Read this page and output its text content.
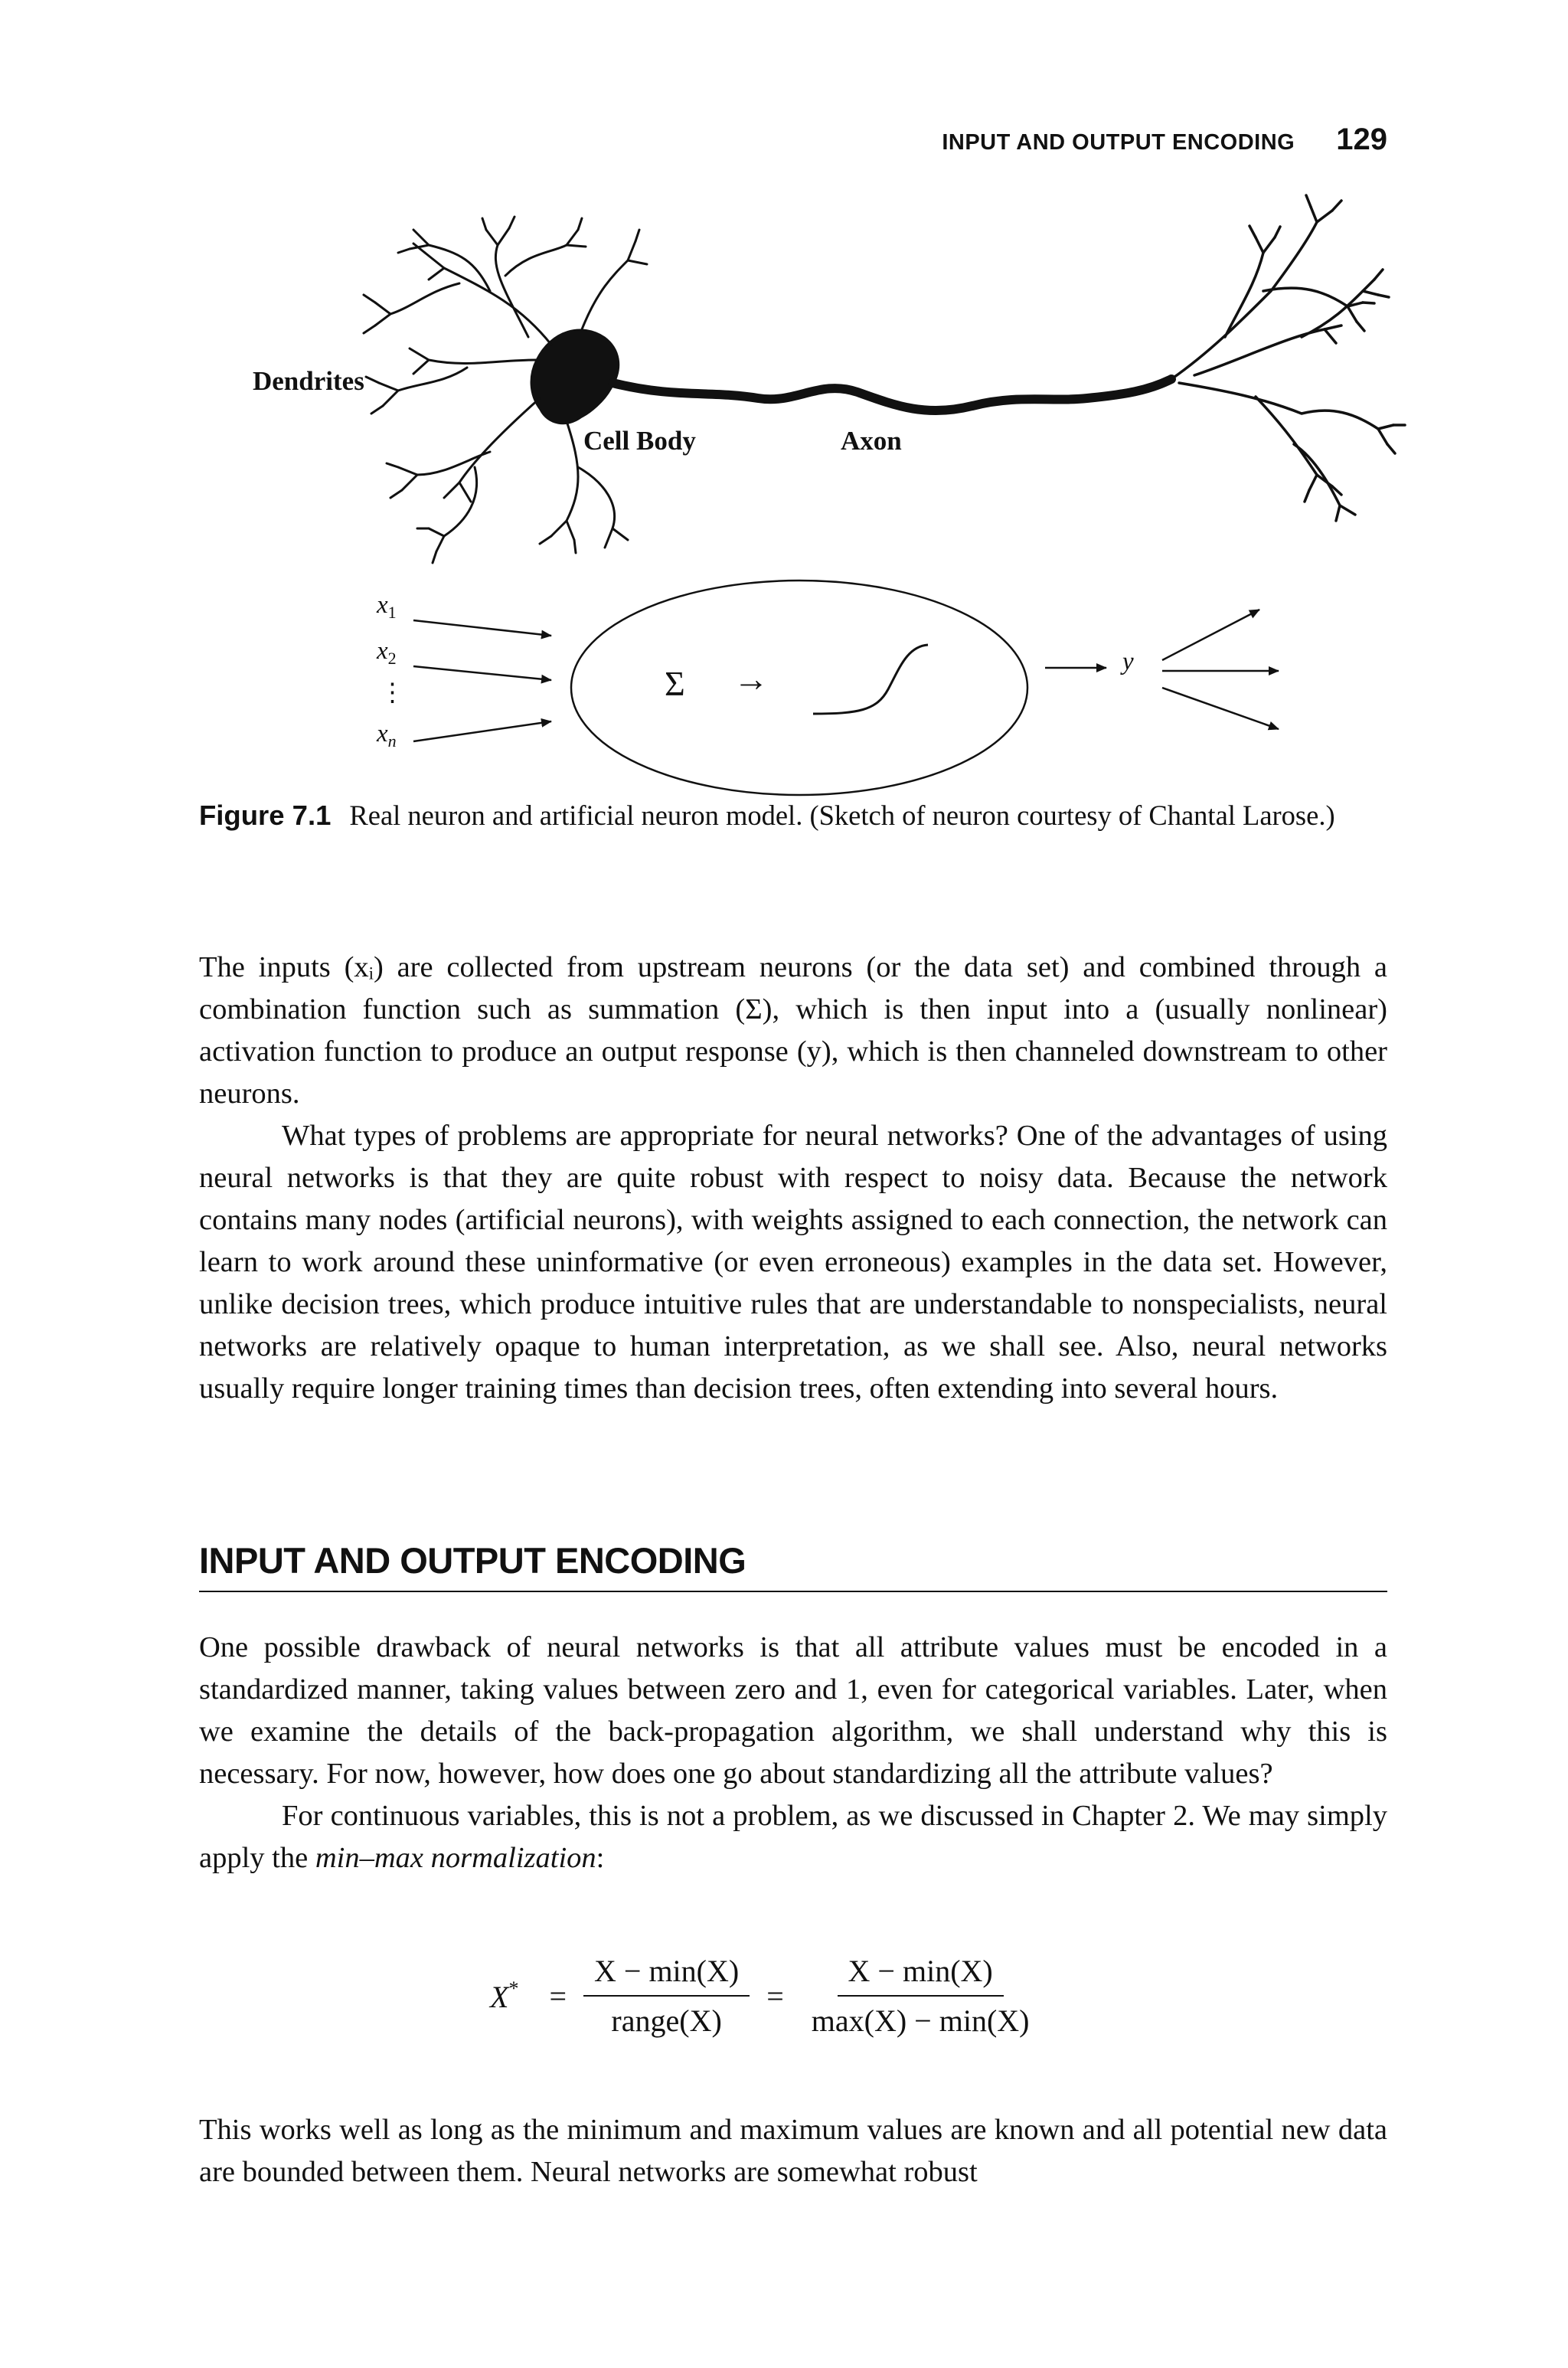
INPUT AND OUTPUT ENCODING 129
Dendrites
Cell Body	Axon
$x_1$
$x_2$
⋮
$x_n$
Σ →	y
Figure 7.1 Real neuron and artificial neuron model. (Sketch of neuron courtesy of Chantal Larose.)

The inputs (xᵢ) are collected from upstream neurons (or the data set) and combined through a combination function such as summation (Σ), which is then input into a (usually nonlinear) activation function to produce an output response (y), which is then channeled downstream to other neurons.

What types of problems are appropriate for neural networks? One of the advantages of using neural networks is that they are quite robust with respect to noisy data. Because the network contains many nodes (artificial neurons), with weights assigned to each connection, the network can learn to work around these uninformative (or even erroneous) examples in the data set. However, unlike decision trees, which produce intuitive rules that are understandable to nonspecialists, neural networks are relatively opaque to human interpretation, as we shall see. Also, neural networks usually require longer training times than decision trees, often extending into several hours.

INPUT AND OUTPUT ENCODING

One possible drawback of neural networks is that all attribute values must be encoded in a standardized manner, taking values between zero and 1, even for categorical variables. Later, when we examine the details of the back-propagation algorithm, we shall understand why this is necessary. For now, however, how does one go about standardizing all the attribute values?

For continuous variables, this is not a problem, as we discussed in Chapter 2. We may simply apply the min–max normalization:

$X^* = \frac{X - \min(X)}{\text{range(X)}} = \frac{X - \min(X)}{\max(X) - \min(X)}$

This works well as long as the minimum and maximum values are known and all potential new data are bounded between them. Neural networks are somewhat robust
